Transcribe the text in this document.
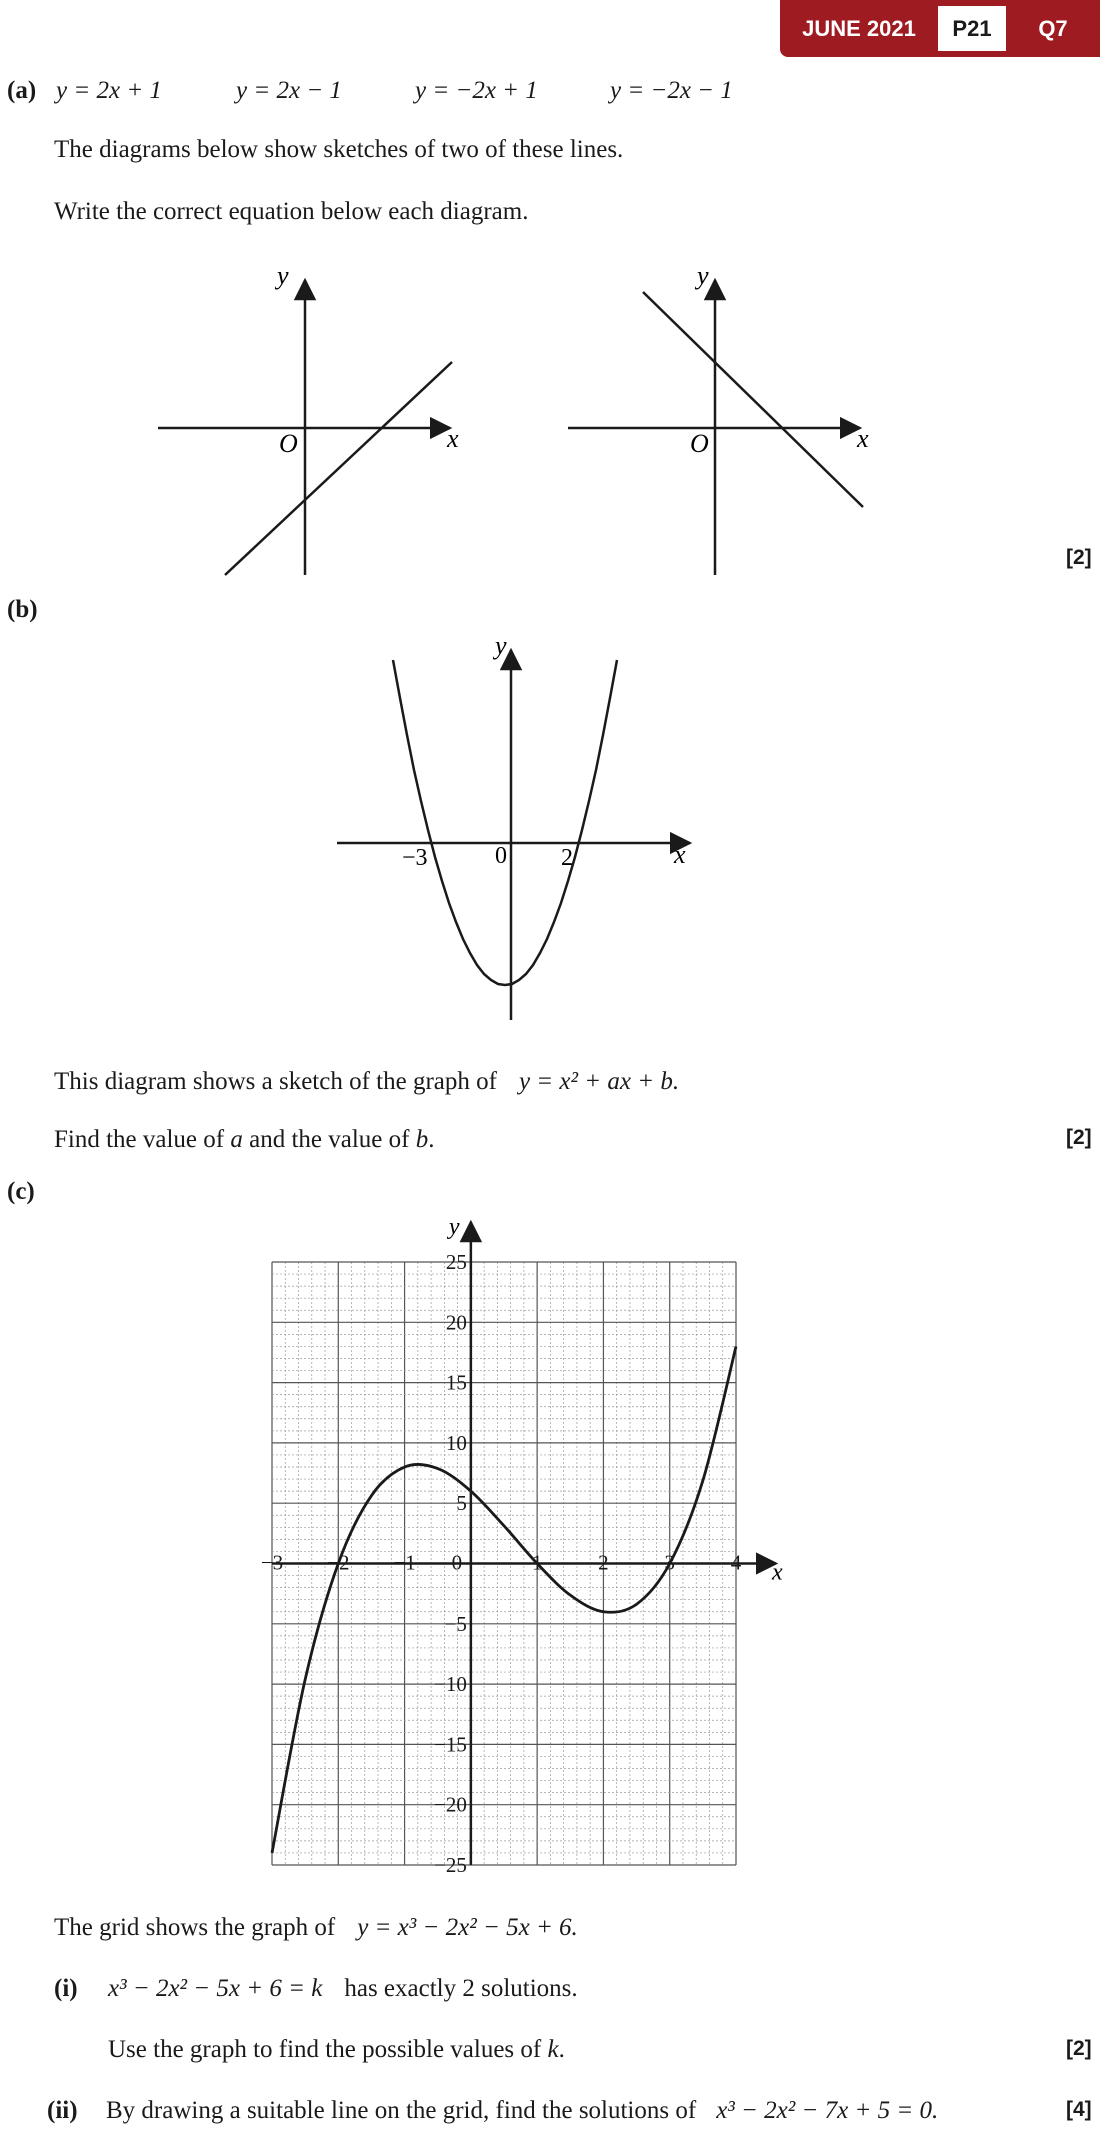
JUNE 2021	P21	Q7
(a) y = 2x + 1	y = 2x − 1	y = −2x + 1	y = −2x − 1
The diagrams below show sketches of two of these lines.
Write the correct equation below each diagram.
y
x
O
y
x
O
[2]
(b)
y
x
−3	0 2
This diagram shows a sketch of the graph of y = x² + ax + b.
Find the value of a and the value of b.	[2]
(c)
x
y
−3 −2 −1 0	1	2	3	4
−25
−20
−15
−10
−5
5
10
15
20
25
The grid shows the graph of y = x³ − 2x² − 5x + 6.
(i) x³ − 2x² − 5x + 6 = k has exactly 2 solutions.
Use the graph to find the possible values of k.	[2]
(ii) By drawing a suitable line on the grid, find the solutions of x³ − 2x² − 7x + 5 = 0.	[4]
